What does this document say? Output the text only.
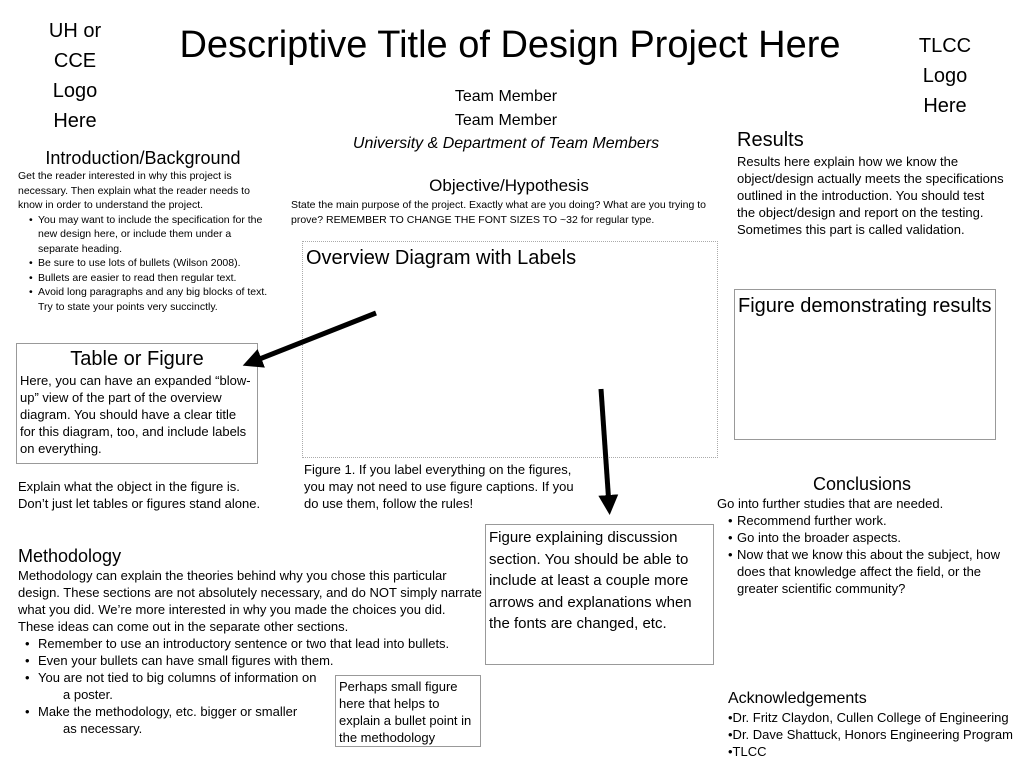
UH or
CCE
Logo
Here
TLCC
Logo
Here
Descriptive Title of Design Project Here
Team Member
Team Member
University & Department of Team Members
Introduction/Background
Get the reader interested in why this project is necessary. Then explain what the reader needs to know in order to understand the project.
• You may want to include the specification for the new design here, or include them under a separate heading.
• Be sure to use lots of bullets (Wilson 2008).
• Bullets are easier to read then regular text.
• Avoid long paragraphs and any big blocks of text. Try to state your points very succinctly.
Objective/Hypothesis
State the main purpose of the project. Exactly what are you doing? What are you trying to prove? REMEMBER TO CHANGE THE FONT SIZES TO ~32 for regular type.
Overview Diagram with Labels
Figure 1. If you label everything on the figures, you may not need to use figure captions. If you do use them, follow the rules!
Table or Figure
Here, you can have an expanded “blow-up” view of the part of the overview diagram. You should have a clear title for this diagram, too, and include labels on everything.
Explain what the object in the figure is. Don’t just let tables or figures stand alone.
Methodology
Methodology can explain the theories behind why you chose this particular design. These sections are not absolutely necessary, and do NOT simply narrate what you did. We’re more interested in why you made the choices you did. These ideas can come out in the separate other sections.
• Remember to use an introductory sentence or two that lead into bullets.
• Even your bullets can have small figures with them.
• You are not tied to big columns of information on
a poster.
• Make the methodology, etc. bigger or smaller
as necessary.
Perhaps small figure here that helps to explain a bullet point in the methodology
Figure explaining discussion section. You should be able to include at least a couple more arrows and explanations when the fonts are changed, etc.
Results
Results here explain how we know the object/design actually meets the specifications outlined in the introduction. You should test the object/design and report on the testing. Sometimes this part is called validation.
Figure demonstrating results
Conclusions
Go into further studies that are needed.
• Recommend further work.
• Go into the broader aspects.
• Now that we know this about the subject, how does that knowledge affect the field, or the greater scientific community?
Acknowledgements
•Dr. Fritz Claydon, Cullen College of Engineering
•Dr. Dave Shattuck, Honors Engineering Program
•TLCC
